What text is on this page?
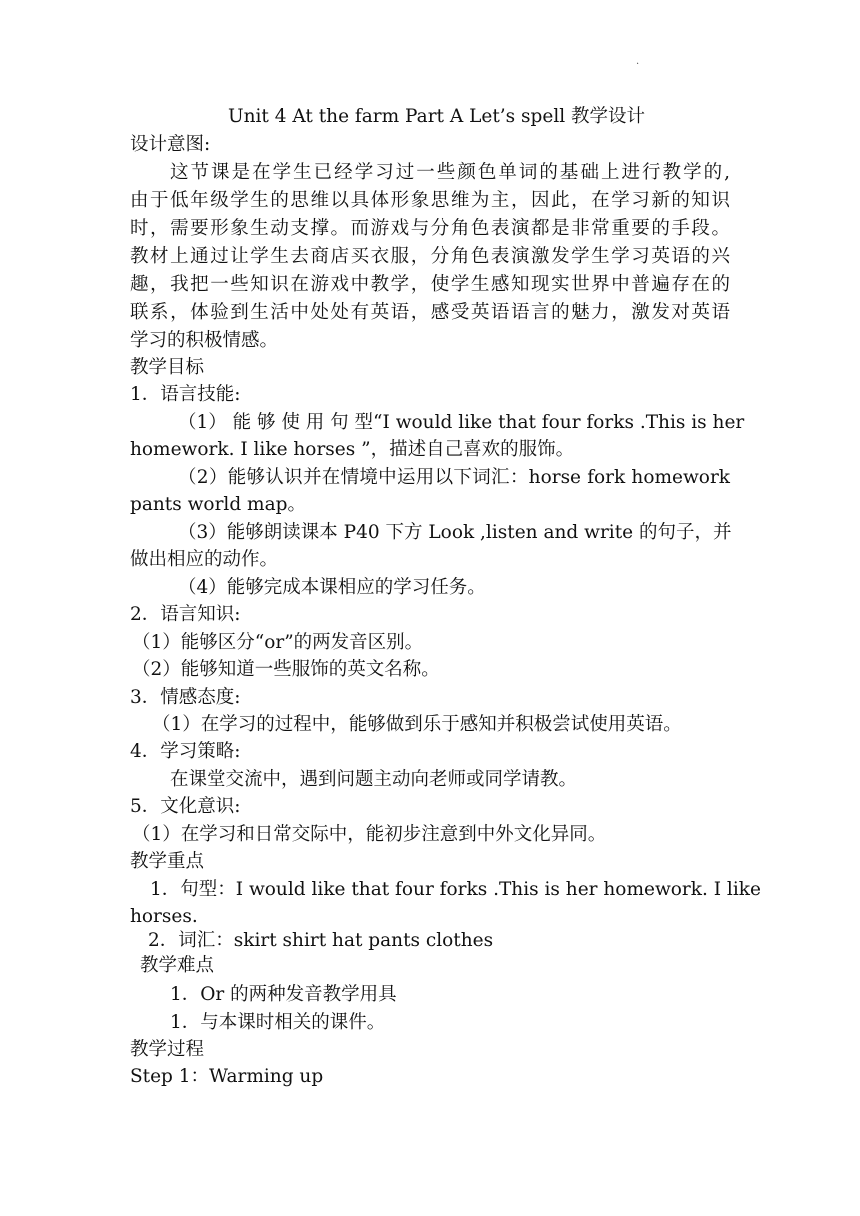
.
Unit 4 At the farm Part A Let’s spell 教学设计
设计意图:
这节课是在学生已经学习过一些颜色单词的基础上进行教学的,
由于低年级学生的思维以具体形象思维为主，因此，在学习新的知识
时，需要形象生动支撑。而游戏与分角色表演都是非常重要的手段。
教材上通过让学生去商店买衣服，分角色表演激发学生学习英语的兴
趣，我把一些知识在游戏中教学，使学生感知现实世界中普遍存在的
联系，体验到生活中处处有英语，感受英语语言的魅力，激发对英语
学习的积极情感。
教学目标
1．语言技能:
（1） 能 够 使 用 句 型“I would like that four forks .This is her
homework. I like horses ”，描述自己喜欢的服饰。
（2）能够认识并在情境中运用以下词汇：horse fork homework
pants world map。
（3）能够朗读课本 P40 下方 Look ,listen and write 的句子，并
做出相应的动作。
（4）能够完成本课相应的学习任务。
2．语言知识:
（1）能够区分“or”的两发音区别。
（2）能够知道一些服饰的英文名称。
3．情感态度:
（1）在学习的过程中，能够做到乐于感知并积极尝试使用英语。
4．学习策略:
在课堂交流中，遇到问题主动向老师或同学请教。
5．文化意识:
（1）在学习和日常交际中，能初步注意到中外文化异同。
教学重点
1．句型：I would like that four forks .This is her homework. I like
horses.
2．词汇：skirt shirt hat pants clothes
教学难点
1．Or 的两种发音教学用具
1．与本课时相关的课件。
教学过程
Step 1：Warming up
